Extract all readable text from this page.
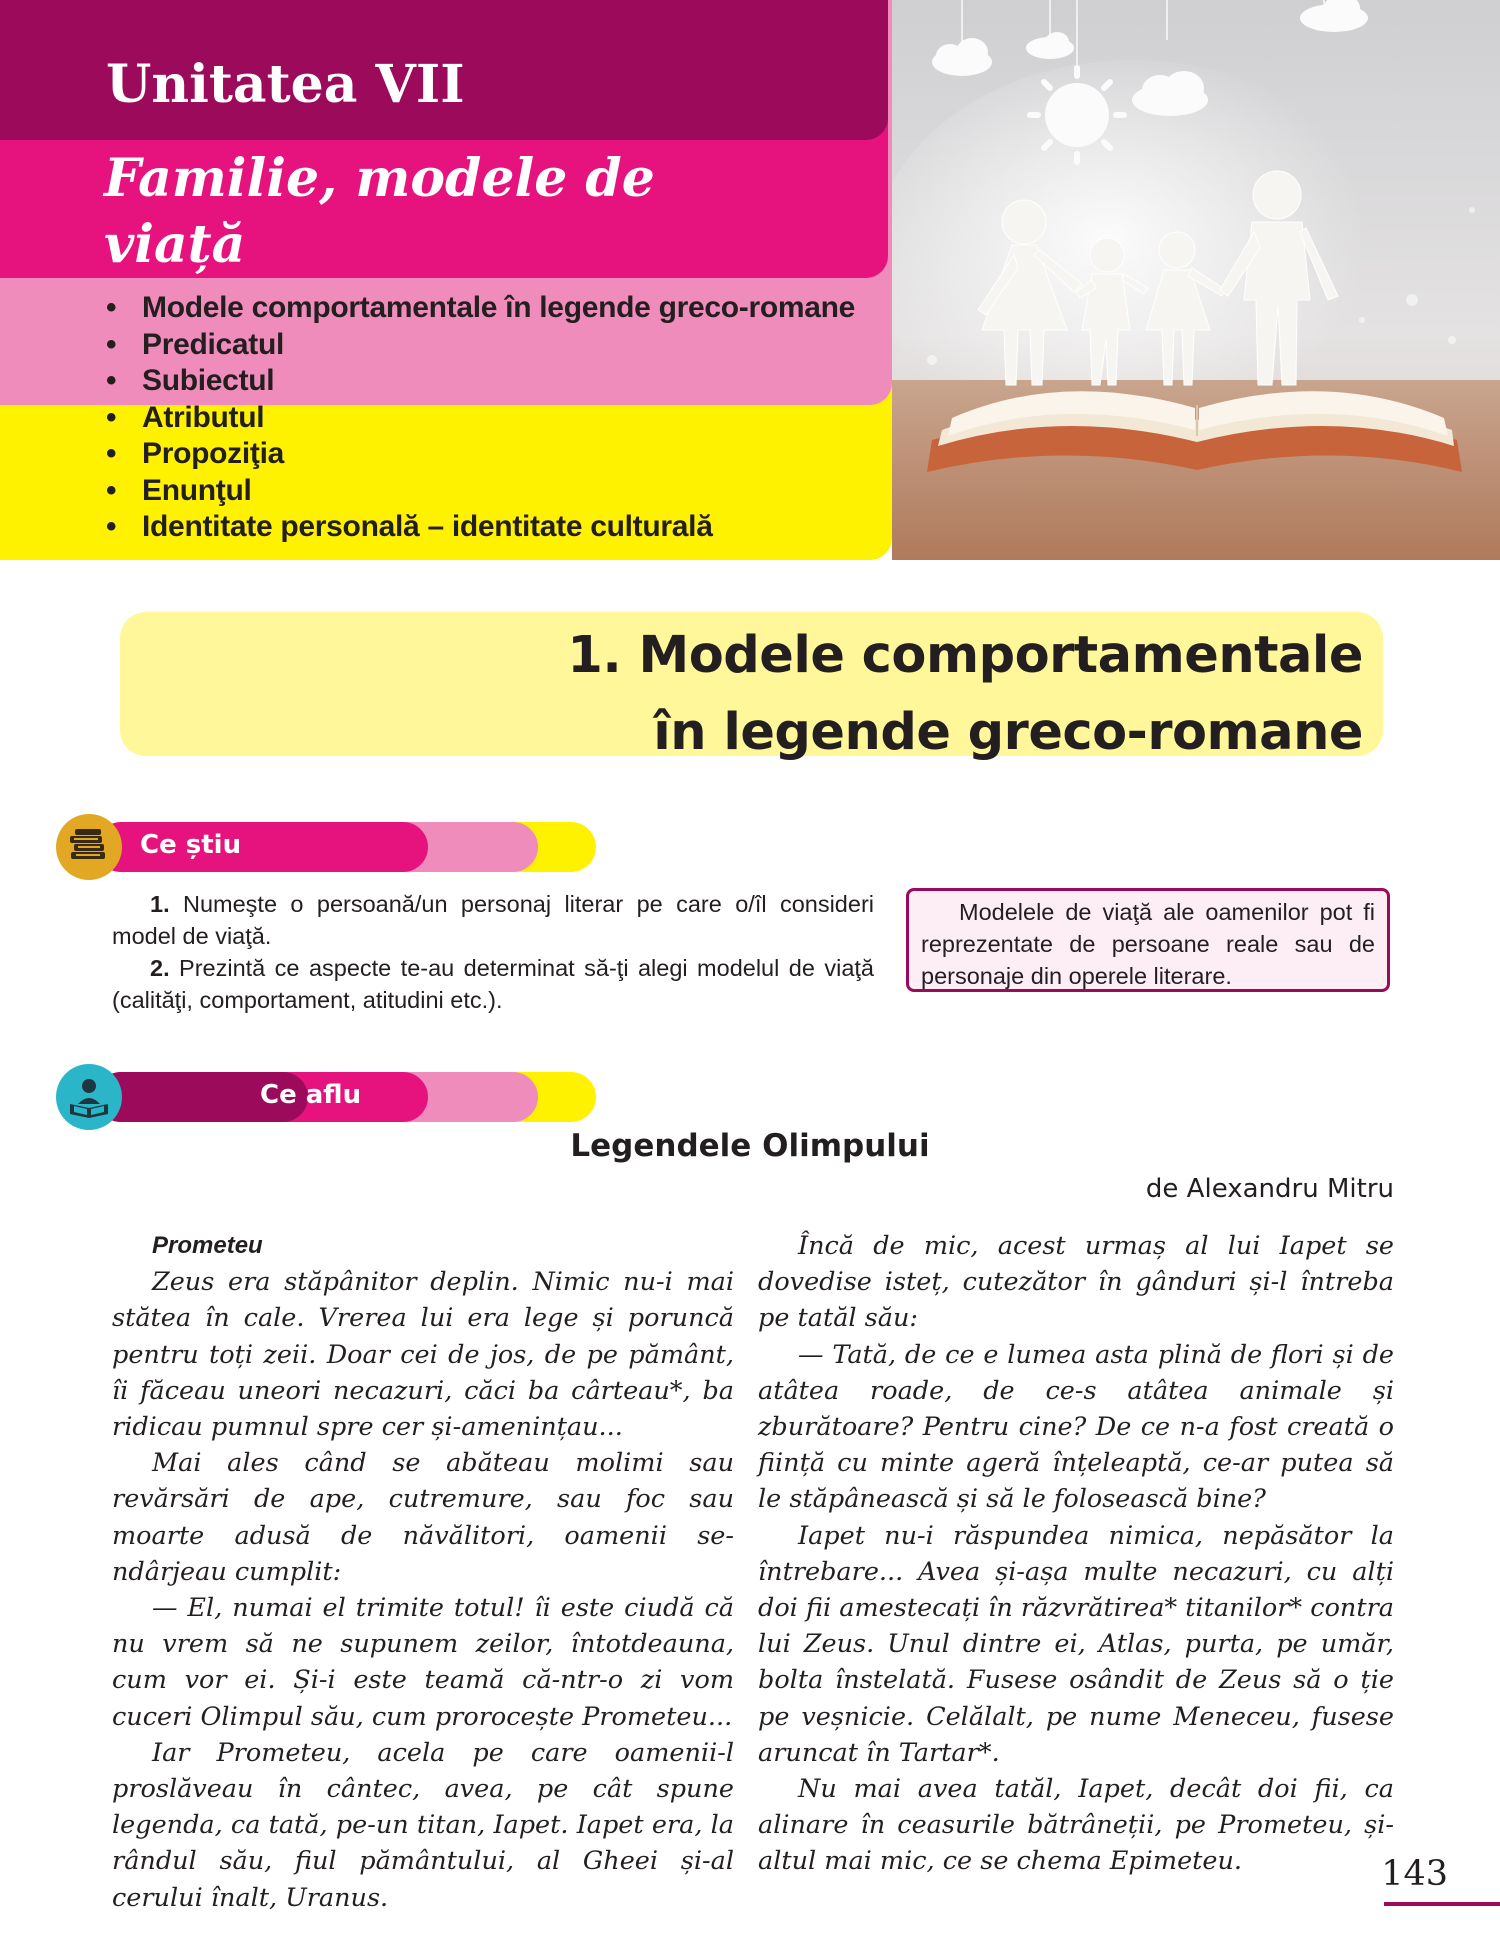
Unitatea VII
Familie, modele de viață
• Modele comportamentale în legende greco-romane
• Predicatul
• Subiectul
• Atributul
• Propoziţia
• Enunţul
• Identitate personală – identitate culturală
1. Modele comportamentale
în legende greco-romane
Ce știu

1. Numeşte o persoană/un personaj literar pe care o/îl consideri model de viaţă.

2. Prezintă ce aspecte te-au determinat să-ţi alegi modelul de viaţă (calităţi, comportament, atitudini etc.).

Modelele de viaţă ale oamenilor pot fi reprezentate de persoane reale sau de personaje din operele literare.

Ce aflu
Legendele Olimpului

de Alexandru Mitru

Prometeu

Zeus era stăpânitor deplin. Nimic nu-i mai stătea în cale. Vrerea lui era lege și poruncă pentru toți zeii. Doar cei de jos, de pe pământ, îi făceau uneori necazuri, căci ba cârteau*, ba ridicau pumnul spre cer și-amenințau...

Mai ales când se abăteau molimi sau revărsări de ape, cutremure, sau foc sau moarte adusă de năvălitori, oamenii se-ndârjeau cumplit:

— El, numai el trimite totul! îi este ciudă că nu vrem să ne supunem zeilor, întotdeauna, cum vor ei. Și-i este teamă că-ntr-o zi vom cuceri Olimpul său, cum prorocește Prometeu...

Iar Prometeu, acela pe care oamenii-l proslăveau în cântec, avea, pe cât spune legenda, ca tată, pe-un titan, Iapet. Iapet era, la rândul său, fiul pământului, al Gheei și-al cerului înalt, Uranus.

Încă de mic, acest urmaș al lui Iapet se dovedise isteț, cutezător în gânduri și-l întreba pe tatăl său:

— Tată, de ce e lumea asta plină de flori și de atâtea roade, de ce-s atâtea animale și zburătoare? Pentru cine? De ce n-a fost creată o ființă cu minte ageră înțeleaptă, ce-ar putea să le stăpânească și să le folosească bine?

Iapet nu-i răspundea nimica, nepăsător la întrebare... Avea și-așa multe necazuri, cu alți doi fii amestecați în răzvrătirea* titanilor* contra lui Zeus. Unul dintre ei, Atlas, purta, pe umăr, bolta înstelată. Fusese osândit de Zeus să o ție pe veșnicie. Celălalt, pe nume Meneceu, fusese aruncat în Tartar*.

Nu mai avea tatăl, Iapet, decât doi fii, ca alinare în ceasurile bătrâneții, pe Prometeu, și-altul mai mic, ce se chema Epimeteu.	143
